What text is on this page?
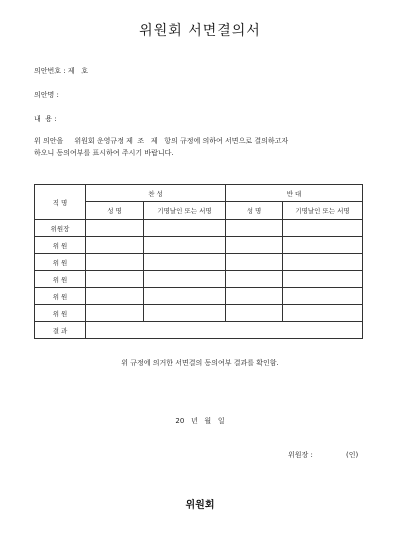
위원회 서면결의서
의안번호 : 제   호
의안명 :
내  용 :
위 의안을     위원회 운영규정 제  조   제   항의 규정에 의하여 서면으로 결의하고자
하오니 동의여부를 표시하여 주시기 바랍니다.
직 명	찬 성		반 대	
	성 명	기명날인 또는 서명	성 명	기명날인 또는 서명
위원장				
위 원				
위 원				
위 원				
위 원				
위 원				
결 과				
위 규정에 의거한 서면결의 동의여부 결과를 확인함.
20   년   월   일
위원장 :	(인)
위원회
